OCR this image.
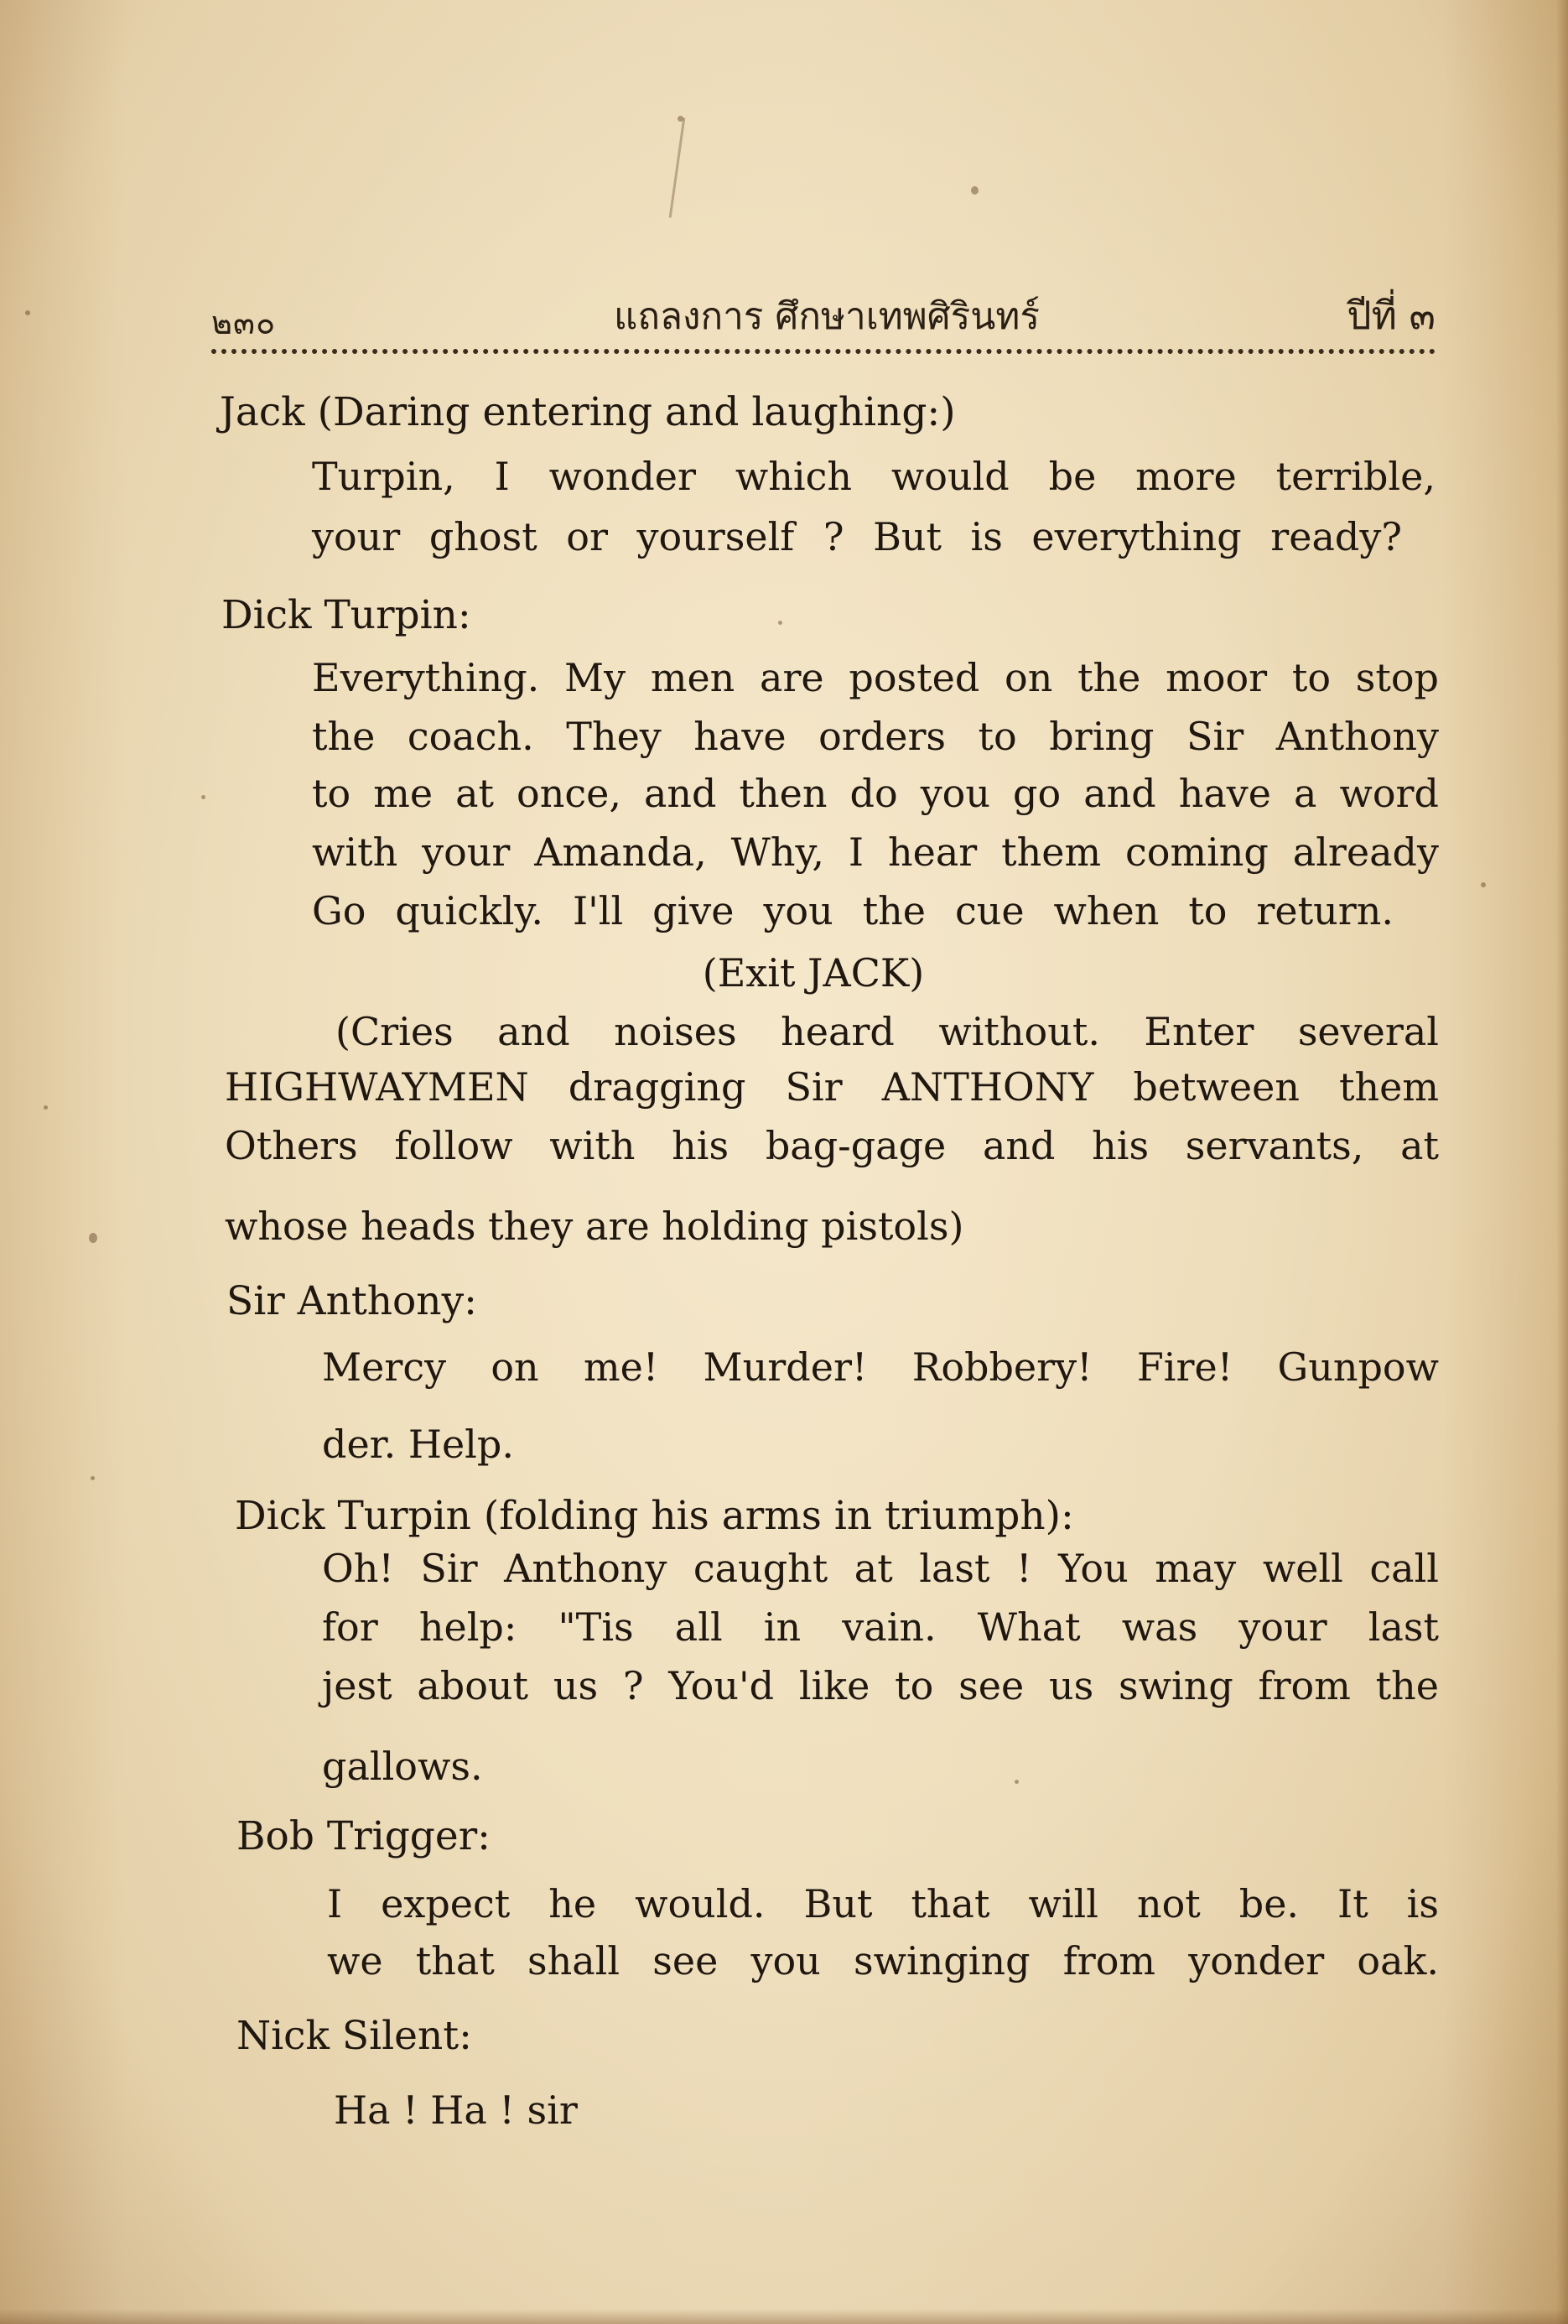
๒๓๐	แถลงการ ศึกษาเทพศิรินทร์	ปีที่ ๓
Jack (Daring entering and laughing:)
Turpin, I wonder which would be more terrible,
your ghost or yourself ? But is everything ready?
Dick Turpin:
Everything. My men are posted on the moor to stop
the coach. They have orders to bring Sir Anthony
to me at once, and then do you go and have a word
with your Amanda, Why, I hear them coming already
Go quickly. I'll give you the cue when to return.
(Exit JACK)
(Cries and noises heard without. Enter several
HIGHWAYMEN dragging Sir ANTHONY between them
Others follow with his bag-gage and his servants, at
whose heads they are holding pistols)
Sir Anthony:
Mercy on me! Murder! Robbery! Fire! Gunpow
der. Help.
Dick Turpin (folding his arms in triumph):
Oh! Sir Anthony caught at last ! You may well call
for help: "Tis all in vain. What was your last
jest about us ? You'd like to see us swing from the
gallows.
Bob Trigger:
I expect he would. But that will not be. It is
we that shall see you swinging from yonder oak.
Nick Silent:
Ha ! Ha ! sir
